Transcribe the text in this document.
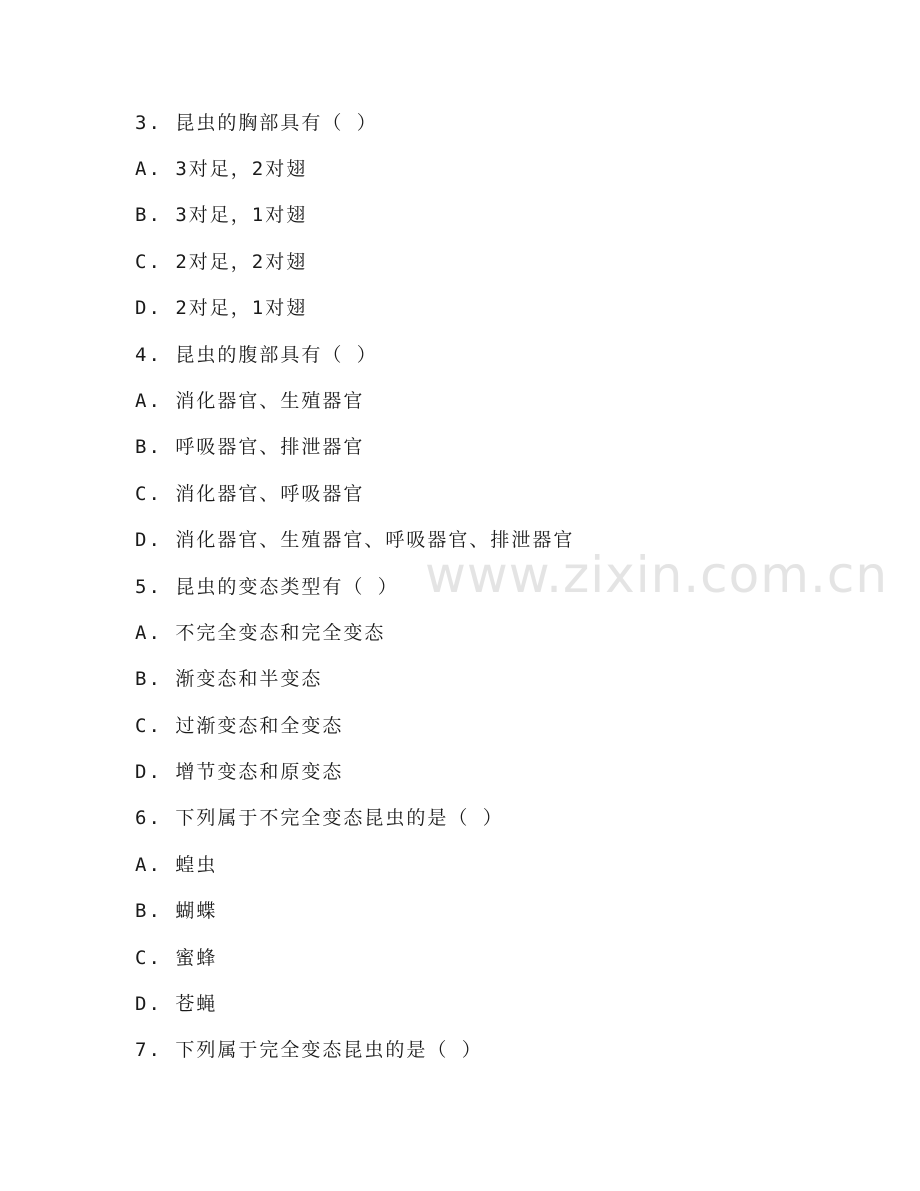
www.zixin.com.cn
3. 昆虫的胸部具有（ ）
A. 3对足，2对翅
B. 3对足，1对翅
C. 2对足，2对翅
D. 2对足，1对翅
4. 昆虫的腹部具有（ ）
A. 消化器官、生殖器官
B. 呼吸器官、排泄器官
C. 消化器官、呼吸器官
D. 消化器官、生殖器官、呼吸器官、排泄器官
5. 昆虫的变态类型有（ ）
A. 不完全变态和完全变态
B. 渐变态和半变态
C. 过渐变态和全变态
D. 增节变态和原变态
6. 下列属于不完全变态昆虫的是（ ）
A. 蝗虫
B. 蝴蝶
C. 蜜蜂
D. 苍蝇
7. 下列属于完全变态昆虫的是（ ）
